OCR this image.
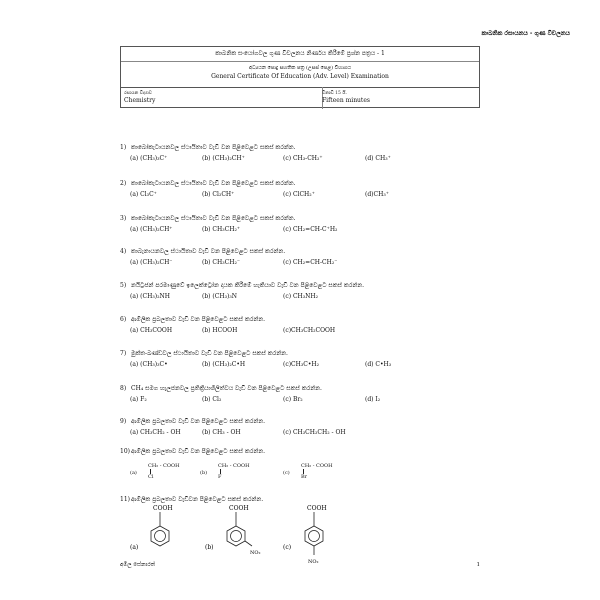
කාබනික රසායනය - ගුණ විචලනය
කාබනික සංයෝගවල ගුණ විචලනය නිර්ණය කිරීමේ ප්‍රශ්න පත්‍රය - 1
අධ්‍යයන පොදු සහතික පත්‍ර (උසස් පෙළ) විභාගය
General Certificate Of Education (Adv. Level) Examination
රසායන විද්‍යාව
Chemistry
විනාඩි 15 යි.
Fifteen minutes
1) කාබෝකැටායනවල ස්ථායිතාව වැඩි වන පිළිවෙළට සකස් කරන්න.
(a) (CH₃)₃C⁺	(b) (CH₃)₂CH⁺	(c) CH₃-CH₂⁺	(d) CH₃⁺
2) කාබෝකැටායනවල ස්ථායිතාව වැඩි වන පිළිවෙළට සකස් කරන්න.
(a) Cl₃C⁺	(b) Cl₂CH⁺	(c) ClCH₂⁺	(d)CH₃⁺
3) කාබෝකැටායනවල ස්ථායිතාව වැඩි වන පිළිවෙළට සකස් කරන්න.
(a) (CH₃)₂CH⁺	(b) CH₃CH₂⁺	(c) CH₂=CH-C⁺H₂
4) කාබැනායනවල ස්ථායිතාව වැඩි වන පිළිවෙළට සකස් කරන්න.
(a) (CH₃)₂CH⁻	(b) CH₃CH₂⁻	(c) CH₂=CH-CH₂⁻
5) නයිට්‍රජන් පරමාණුවේ ඉලෙක්ට්‍රෝන දායක කිරීමේ හැකියාව වැඩි වන පිළිවෙළට සකස් කරන්න.
(a) (CH₃)₂NH	(b) (CH₃)₃N	(c) CH₃NH₂
6) ආම්ලික ප්‍රබලතාව වැඩි වන පිළිවෙළට සකස් කරන්න.
(a) CH₃COOH	(b) HCOOH	(c)CH₃CH₂COOH
7) මුක්ත-ඛණ්ඩවල ස්ථායිතාව වැඩි වන පිළිවෙළට සකස් කරන්න.
(a) (CH₃)₃C•	(b) (CH₃)₂C•H	(c)CH₃C•H₂	(d) C•H₃
8) CH₄ සමග හැලජනවල ප්‍රතික්‍රියාශීලිත්වය වැඩි වන පිළිවෙළට සකස් කරන්න.
(a) F₂	(b) Cl₂	(c) Br₂	(d) I₂
9) ආම්ලික ප්‍රබලතාව වැඩි වන පිළිවෙළට සකස් කරන්න.
(a) CH₃CH₂ - OH	(b) CH₃ - OH	(c) CH₃CH₂CH₂ - OH
10)ආම්ලික ප්‍රබලතාව වැඩි වන පිළිවෙළට සකස් කරන්න.
(a)
CH₂ - COOH
Cl
(b)
CH₂ - COOH
F
(c)
CH₂ - COOH
Br
11)ආම්ලික ප්‍රබලතාව වැඩිවන පිළිවෙළට සකස් කරන්න.
(a)
COOH
(b)
COOH
NO₂
(c)
COOH
NO₂
අමිල සේනාරත්	1
